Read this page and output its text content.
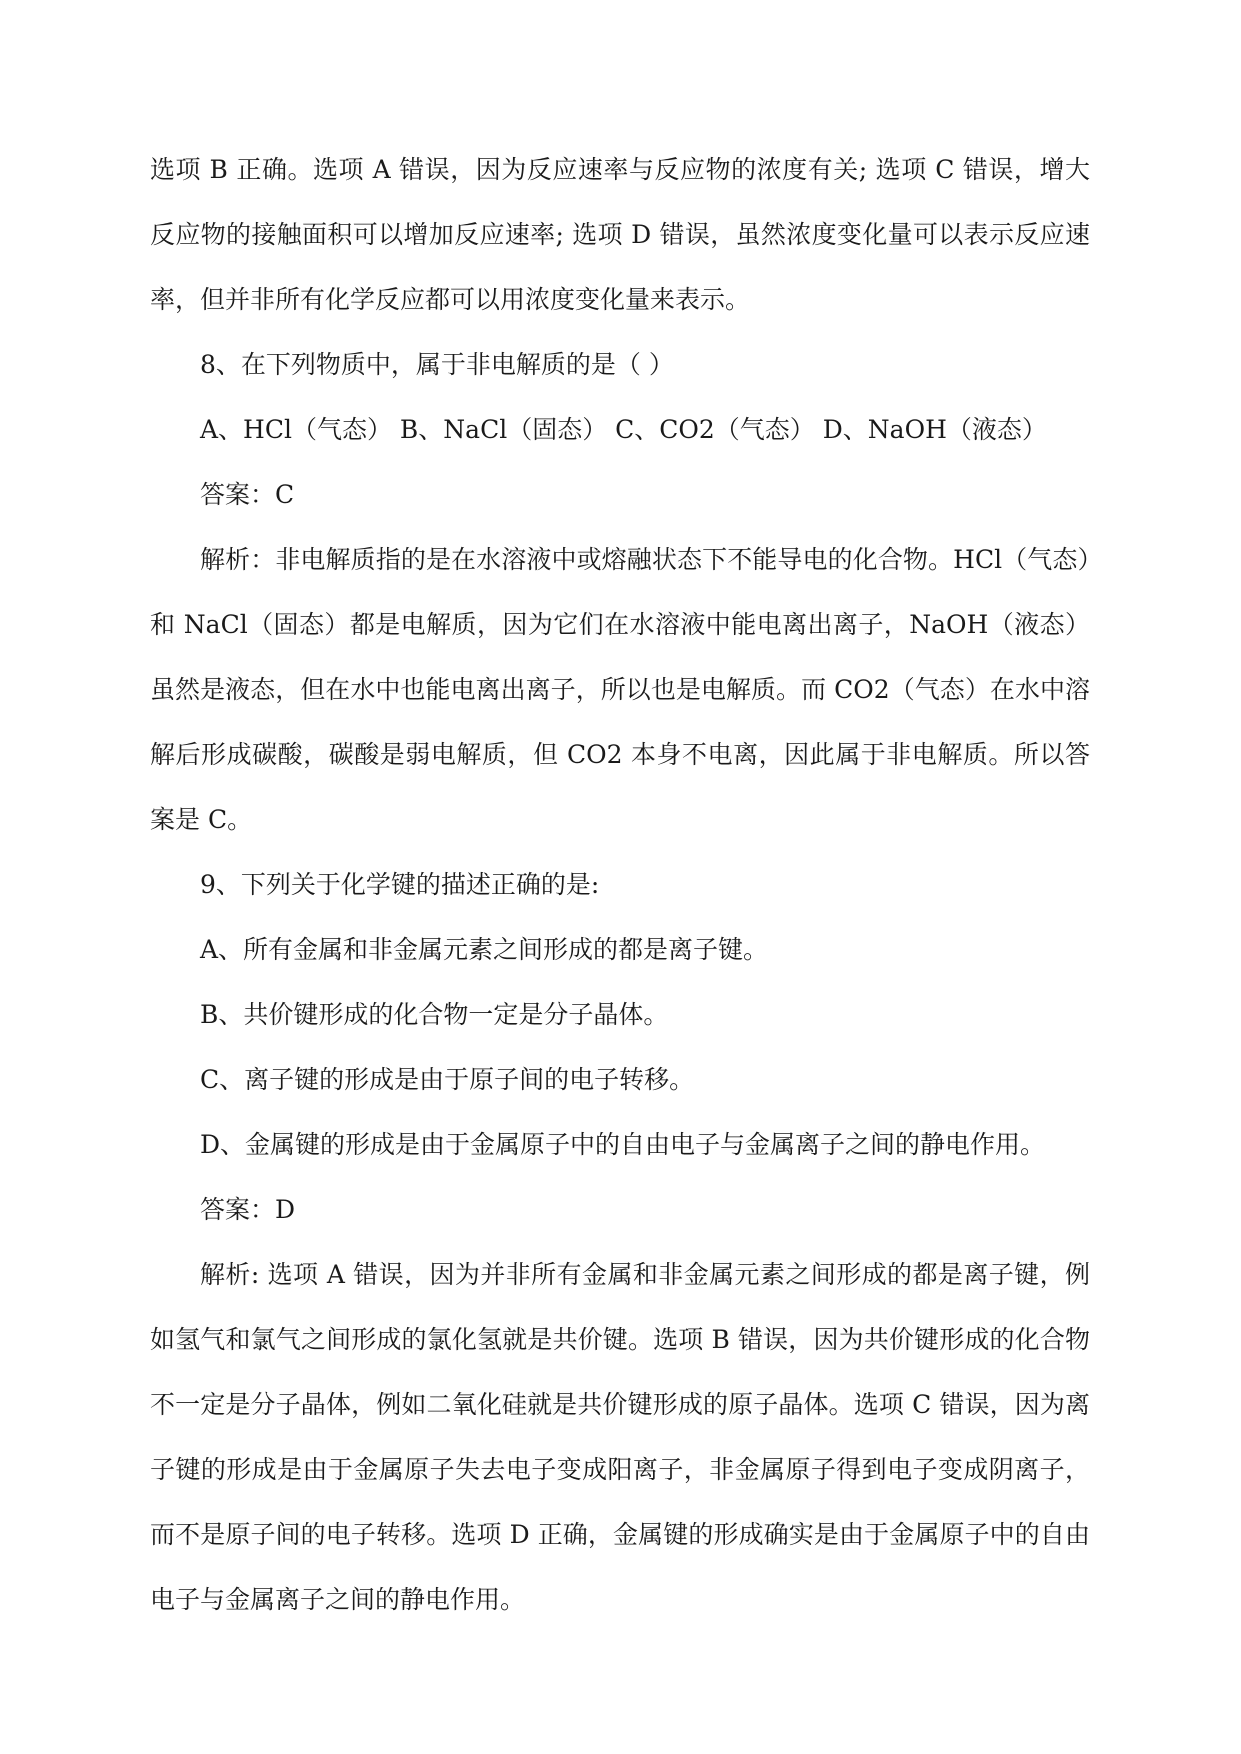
选项 B 正确。选项 A 错误，因为反应速率与反应物的浓度有关; 选项 C 错误，增大反应物的接触面积可以增加反应速率; 选项 D 错误，虽然浓度变化量可以表示反应速率，但并非所有化学反应都可以用浓度变化量来表示。

8、在下列物质中，属于非电解质的是（ ）

A、HCl（气态） B、NaCl（固态） C、CO2（气态） D、NaOH（液态）

答案：C

解析：非电解质指的是在水溶液中或熔融状态下不能导电的化合物。HCl（气态）和 NaCl（固态）都是电解质，因为它们在水溶液中能电离出离子，NaOH（液态）虽然是液态，但在水中也能电离出离子，所以也是电解质。而 CO2（气态）在水中溶解后形成碳酸，碳酸是弱电解质，但 CO2 本身不电离，因此属于非电解质。所以答案是 C。

9、下列关于化学键的描述正确的是:

A、所有金属和非金属元素之间形成的都是离子键。

B、共价键形成的化合物一定是分子晶体。

C、离子键的形成是由于原子间的电子转移。

D、金属键的形成是由于金属原子中的自由电子与金属离子之间的静电作用。

答案：D

解析: 选项 A 错误，因为并非所有金属和非金属元素之间形成的都是离子键，例如氢气和氯气之间形成的氯化氢就是共价键。选项 B 错误，因为共价键形成的化合物不一定是分子晶体，例如二氧化硅就是共价键形成的原子晶体。选项 C 错误，因为离子键的形成是由于金属原子失去电子变成阳离子，非金属原子得到电子变成阴离子，而不是原子间的电子转移。选项 D 正确，金属键的形成确实是由于金属原子中的自由电子与金属离子之间的静电作用。
